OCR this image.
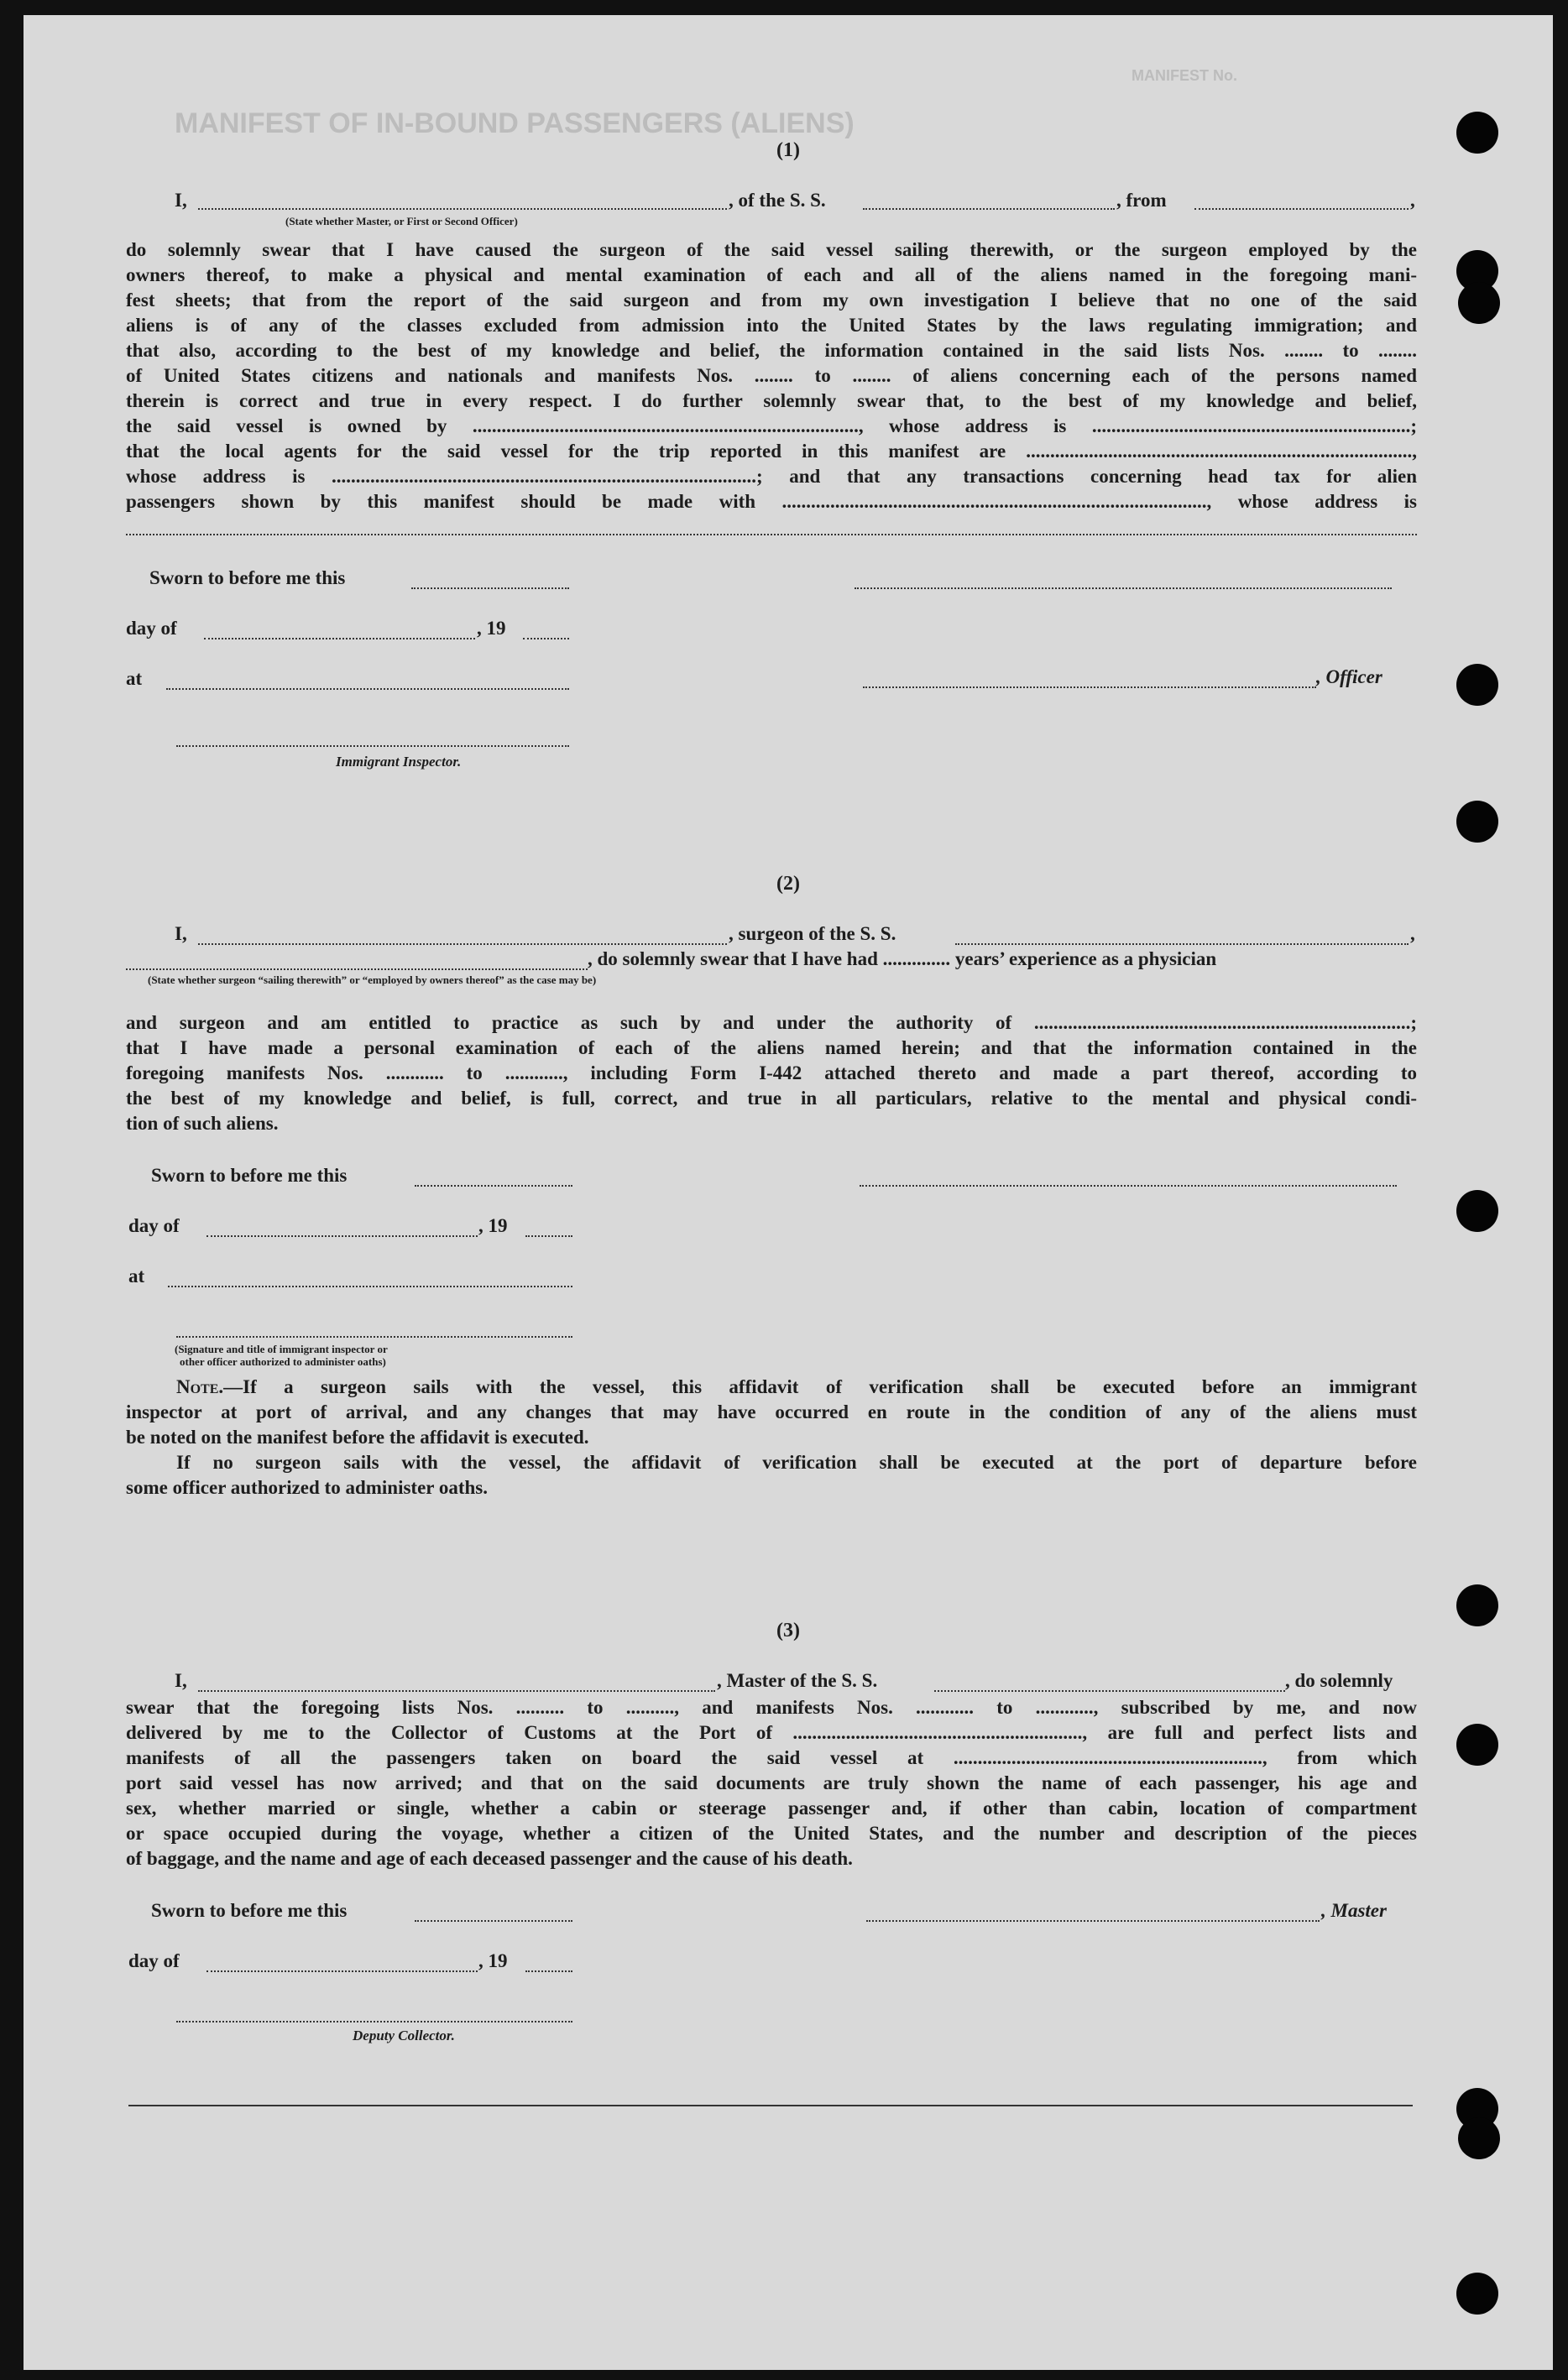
MANIFEST OF IN-BOUND PASSENGERS (ALIENS)
MANIFEST No.
(1)
I,	, of the S. S.	, from	,
(State whether Master, or First or Second Officer)
do solemnly swear that I have caused the surgeon of the said vessel sailing therewith, or the surgeon employed by the
owners thereof, to make a physical and mental examination of each and all of the aliens named in the foregoing mani-
fest sheets; that from the report of the said surgeon and from my own investigation I believe that no one of the said
aliens is of any of the classes excluded from admission into the United States by the laws regulating immigration; and
that also, according to the best of my knowledge and belief, the information contained in the said lists Nos. ........ to ........
of United States citizens and nationals and manifests Nos. ........ to ........ of aliens concerning each of the persons named
therein is correct and true in every respect. I do further solemnly swear that, to the best of my knowledge and belief,
the said vessel is owned by ................................................................................, whose address is ..................................................................;
that the local agents for the said vessel for the trip reported in this manifest are ................................................................................,
whose address is ........................................................................................; and that any transactions concerning head tax for alien
passengers shown by this manifest should be made with ........................................................................................, whose address is
Sworn to before me this
day of	, 19
, Officer
at
Immigrant Inspector.
(2)
I,	, surgeon of the S. S.	,
, do solemnly swear that I have had .............. years’ experience as a physician
(State whether surgeon “sailing therewith” or “employed by owners thereof” as the case may be)
and surgeon and am entitled to practice as such by and under the authority of ..............................................................................;
that I have made a personal examination of each of the aliens named herein; and that the information contained in the
foregoing manifests Nos. ............ to ............, including Form I-442 attached thereto and made a part thereof, according to
the best of my knowledge and belief, is full, correct, and true in all particulars, relative to the mental and physical condi-
tion of such aliens.
Sworn to before me this
day of	, 19
at
(Signature and title of immigrant inspector or
other officer authorized to administer oaths)
Note.—If a surgeon sails with the vessel, this affidavit of verification shall be executed before an immigrant
inspector at port of arrival, and any changes that may have occurred en route in the condition of any of the aliens must
be noted on the manifest before the affidavit is executed.
If no surgeon sails with the vessel, the affidavit of verification shall be executed at the port of departure before
some officer authorized to administer oaths.
(3)
I,	, Master of the S. S.	, do solemnly
swear that the foregoing lists Nos. .......... to .........., and manifests Nos. ............ to ............, subscribed by me, and now
delivered by me to the Collector of Customs at the Port of ............................................................, are full and perfect lists and
manifests of all the passengers taken on board the said vessel at ................................................................, from which
port said vessel has now arrived; and that on the said documents are truly shown the name of each passenger, his age and
sex, whether married or single, whether a cabin or steerage passenger and, if other than cabin, location of compartment
or space occupied during the voyage, whether a citizen of the United States, and the number and description of the pieces
of baggage, and the name and age of each deceased passenger and the cause of his death.
Sworn to before me this	, Master
day of	, 19
Deputy Collector.
